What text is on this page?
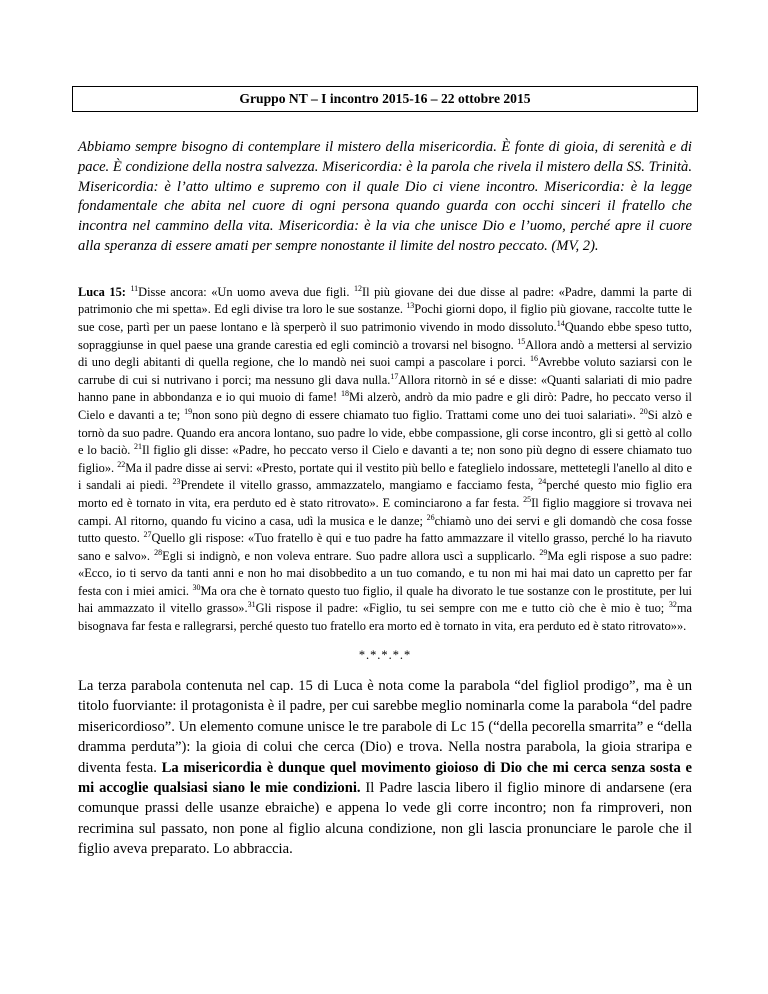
Gruppo NT – I incontro 2015-16 – 22 ottobre 2015

Abbiamo sempre bisogno di contemplare il mistero della misericordia. È fonte di gioia, di serenità e di pace. È condizione della nostra salvezza. Misericordia: è la parola che rivela il mistero della SS. Trinità. Misericordia: è l’atto ultimo e supremo con il quale Dio ci viene incontro. Misericordia: è la legge fondamentale che abita nel cuore di ogni persona quando guarda con occhi sinceri il fratello che incontra nel cammino della vita. Misericordia: è la via che unisce Dio e l’uomo, perché apre il cuore alla speranza di essere amati per sempre nonostante il limite del nostro peccato. (MV, 2).

Luca 15: $^{11}$Disse ancora: «Un uomo aveva due figli. $^{12}$Il più giovane dei due disse al padre: «Padre, dammi la parte di patrimonio che mi spetta». Ed egli divise tra loro le sue sostanze. $^{13}$Pochi giorni dopo, il figlio più giovane, raccolte tutte le sue cose, partì per un paese lontano e là sperperò il suo patrimonio vivendo in modo dissoluto.$^{14}$Quando ebbe speso tutto, sopraggiunse in quel paese una grande carestia ed egli cominciò a trovarsi nel bisogno. $^{15}$Allora andò a mettersi al servizio di uno degli abitanti di quella regione, che lo mandò nei suoi campi a pascolare i porci. $^{16}$Avrebbe voluto saziarsi con le carrube di cui si nutrivano i porci; ma nessuno gli dava nulla.$^{17}$Allora ritornò in sé e disse: «Quanti salariati di mio padre hanno pane in abbondanza e io qui muoio di fame! $^{18}$Mi alzerò, andrò da mio padre e gli dirò: Padre, ho peccato verso il Cielo e davanti a te; $^{19}$non sono più degno di essere chiamato tuo figlio. Trattami come uno dei tuoi salariati». $^{20}$Si alzò e tornò da suo padre. Quando era ancora lontano, suo padre lo vide, ebbe compassione, gli corse incontro, gli si gettò al collo e lo baciò. $^{21}$Il figlio gli disse: «Padre, ho peccato verso il Cielo e davanti a te; non sono più degno di essere chiamato tuo figlio». $^{22}$Ma il padre disse ai servi: «Presto, portate qui il vestito più bello e fateglielo indossare, mettetegli l'anello al dito e i sandali ai piedi. $^{23}$Prendete il vitello grasso, ammazzatelo, mangiamo e facciamo festa, $^{24}$perché questo mio figlio era morto ed è tornato in vita, era perduto ed è stato ritrovato». E cominciarono a far festa. $^{25}$Il figlio maggiore si trovava nei campi. Al ritorno, quando fu vicino a casa, udì la musica e le danze; $^{26}$chiamò uno dei servi e gli domandò che cosa fosse tutto questo. $^{27}$Quello gli rispose: «Tuo fratello è qui e tuo padre ha fatto ammazzare il vitello grasso, perché lo ha riavuto sano e salvo». $^{28}$Egli si indignò, e non voleva entrare. Suo padre allora uscì a supplicarlo. $^{29}$Ma egli rispose a suo padre: «Ecco, io ti servo da tanti anni e non ho mai disobbedito a un tuo comando, e tu non mi hai mai dato un capretto per far festa con i miei amici. $^{30}$Ma ora che è tornato questo tuo figlio, il quale ha divorato le tue sostanze con le prostitute, per lui hai ammazzato il vitello grasso».$^{31}$Gli rispose il padre: «Figlio, tu sei sempre con me e tutto ciò che è mio è tuo; $^{32}$ma bisognava far festa e rallegrarsi, perché questo tuo fratello era morto ed è tornato in vita, era perduto ed è stato ritrovato»».

*.*.*.*.*

La terza parabola contenuta nel cap. 15 di Luca è nota come la parabola “del figliol prodigo”, ma è un titolo fuorviante: il protagonista è il padre, per cui sarebbe meglio nominarla come la parabola “del padre misericordioso”. Un elemento comune unisce le tre parabole di Lc 15 (“della pecorella smarrita” e “della dramma perduta”): la gioia di colui che cerca (Dio) e trova. Nella nostra parabola, la gioia straripa e diventa festa. La misericordia è dunque quel movimento gioioso di Dio che mi cerca senza sosta e mi accoglie qualsiasi siano le mie condizioni. Il Padre lascia libero il figlio minore di andarsene (era comunque prassi delle usanze ebraiche) e appena lo vede gli corre incontro; non fa rimproveri, non recrimina sul passato, non pone al figlio alcuna condizione, non gli lascia pronunciare le parole che il figlio aveva preparato. Lo abbraccia.
